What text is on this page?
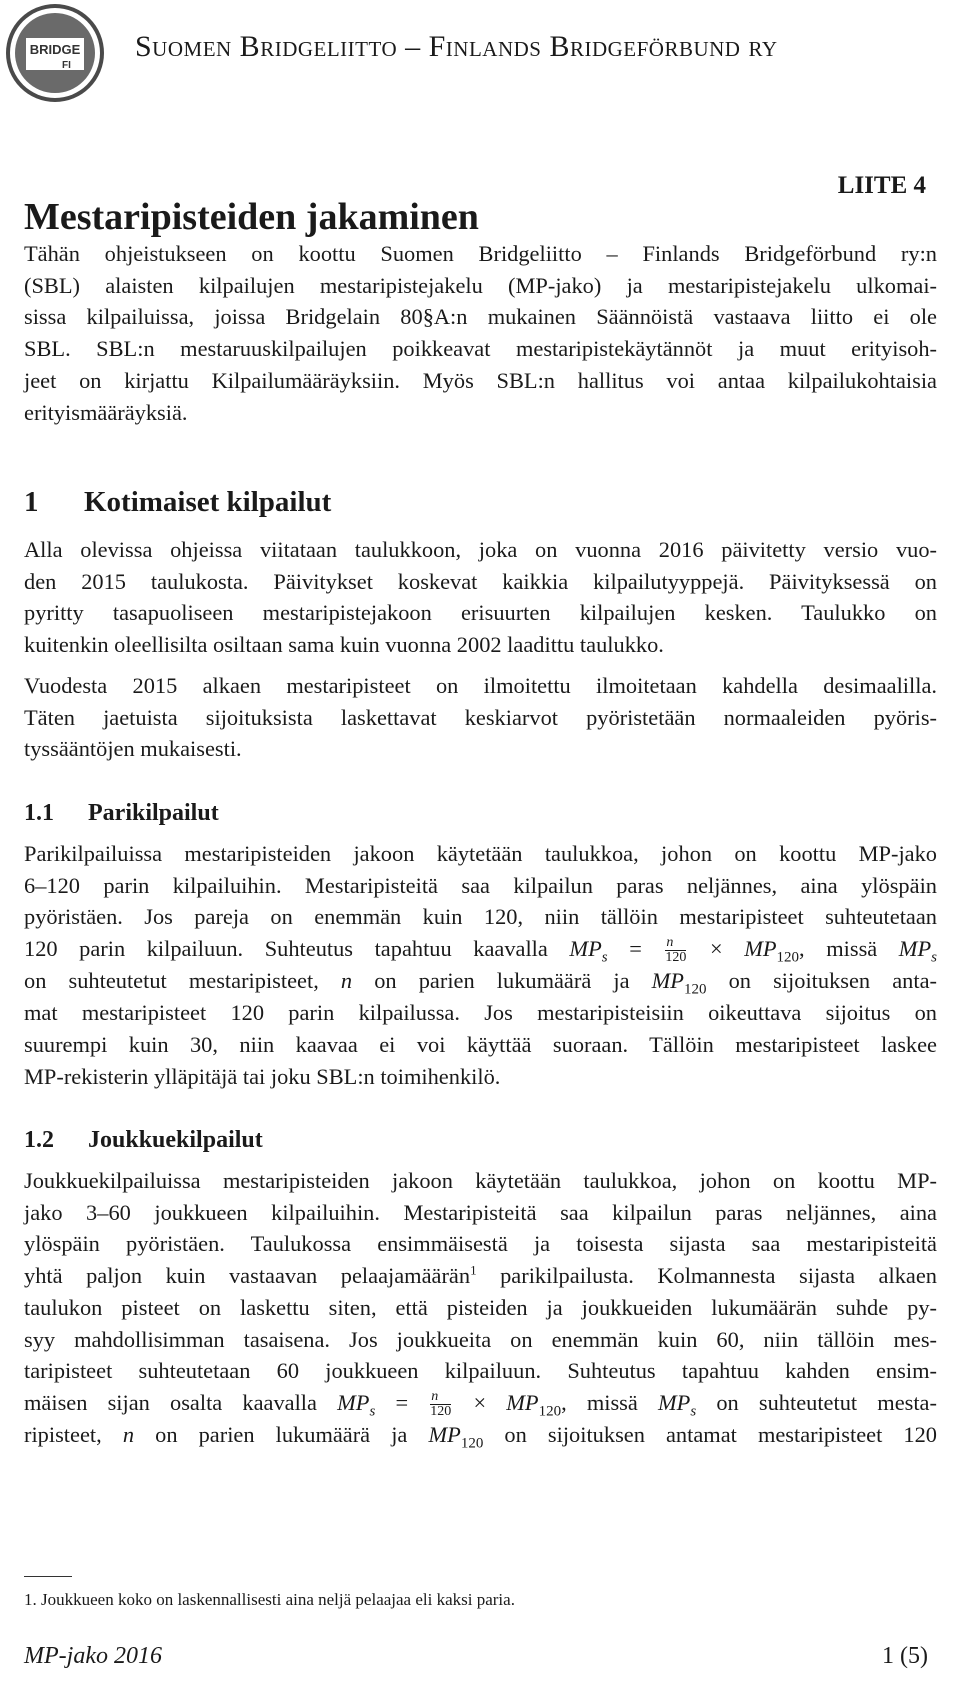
BRIDGE
FI
Suomen Bridgeliitto – Finlands Bridgeförbund ry
LIITE 4
Mestaripisteiden jakaminen
Tähän ohjeistukseen on koottu Suomen Bridgeliitto – Finlands Bridgeförbund ry:n
(SBL) alaisten kilpailujen mestaripistejakelu (MP-jako) ja mestaripistejakelu ulkomai-
sissa kilpailuissa, joissa Bridgelain 80§A:n mukainen Säännöistä vastaava liitto ei ole
SBL. SBL:n mestaruuskilpailujen poikkeavat mestaripistekäytännöt ja muut erityisoh-
jeet on kirjattu Kilpailumääräyksiin. Myös SBL:n hallitus voi antaa kilpailukohtaisia
erityismääräyksiä.
1 Kotimaiset kilpailut
Alla olevissa ohjeissa viitataan taulukkoon, joka on vuonna 2016 päivitetty versio vuo-
den 2015 taulukosta. Päivitykset koskevat kaikkia kilpailutyyppejä. Päivityksessä on
pyritty tasapuoliseen mestaripistejakoon erisuurten kilpailujen kesken. Taulukko on
kuitenkin oleellisilta osiltaan sama kuin vuonna 2002 laadittu taulukko.
Vuodesta 2015 alkaen mestaripisteet on ilmoitettu ilmoitetaan kahdella desimaalilla.
Täten jaetuista sijoituksista laskettavat keskiarvot pyöristetään normaaleiden pyöris-
tyssääntöjen mukaisesti.
1.1 Parikilpailut
Parikilpailuissa mestaripisteiden jakoon käytetään taulukkoa, johon on koottu MP-jako
6–120 parin kilpailuihin. Mestaripisteitä saa kilpailun paras neljännes, aina ylöspäin
pyöristäen. Jos pareja on enemmän kuin 120, niin tällöin mestaripisteet suhteutetaan
120 parin kilpailuun. Suhteutus tapahtuu kaavalla $MP_s = \frac{n}{120} \times MP_{120}$, missä $MP_s$
on suhteutetut mestaripisteet, n on parien lukumäärä ja $MP_{120}$ on sijoituksen anta-
mat mestaripisteet 120 parin kilpailussa. Jos mestaripisteisiin oikeuttava sijoitus on
suurempi kuin 30, niin kaavaa ei voi käyttää suoraan. Tällöin mestaripisteet laskee
MP-rekisterin ylläpitäjä tai joku SBL:n toimihenkilö.
1.2 Joukkuekilpailut
Joukkuekilpailuissa mestaripisteiden jakoon käytetään taulukkoa, johon on koottu MP-
jako 3–60 joukkueen kilpailuihin. Mestaripisteitä saa kilpailun paras neljännes, aina
ylöspäin pyöristäen. Taulukossa ensimmäisestä ja toisesta sijasta saa mestaripisteitä
yhtä paljon kuin vastaavan pelaajamäärän$^1$ parikilpailusta. Kolmannesta sijasta alkaen
taulukon pisteet on laskettu siten, että pisteiden ja joukkueiden lukumäärän suhde py-
syy mahdollisimman tasaisena. Jos joukkueita on enemmän kuin 60, niin tällöin mes-
taripisteet suhteutetaan 60 joukkueen kilpailuun. Suhteutus tapahtuu kahden ensim-
mäisen sijan osalta kaavalla $MP_s = \frac{n}{120} \times MP_{120}$, missä $MP_s$ on suhteutetut mesta-
ripisteet, n on parien lukumäärä ja $MP_{120}$ on sijoituksen antamat mestaripisteet 120
1. Joukkueen koko on laskennallisesti aina neljä pelaajaa eli kaksi paria.
MP-jako 2016	1 (5)
